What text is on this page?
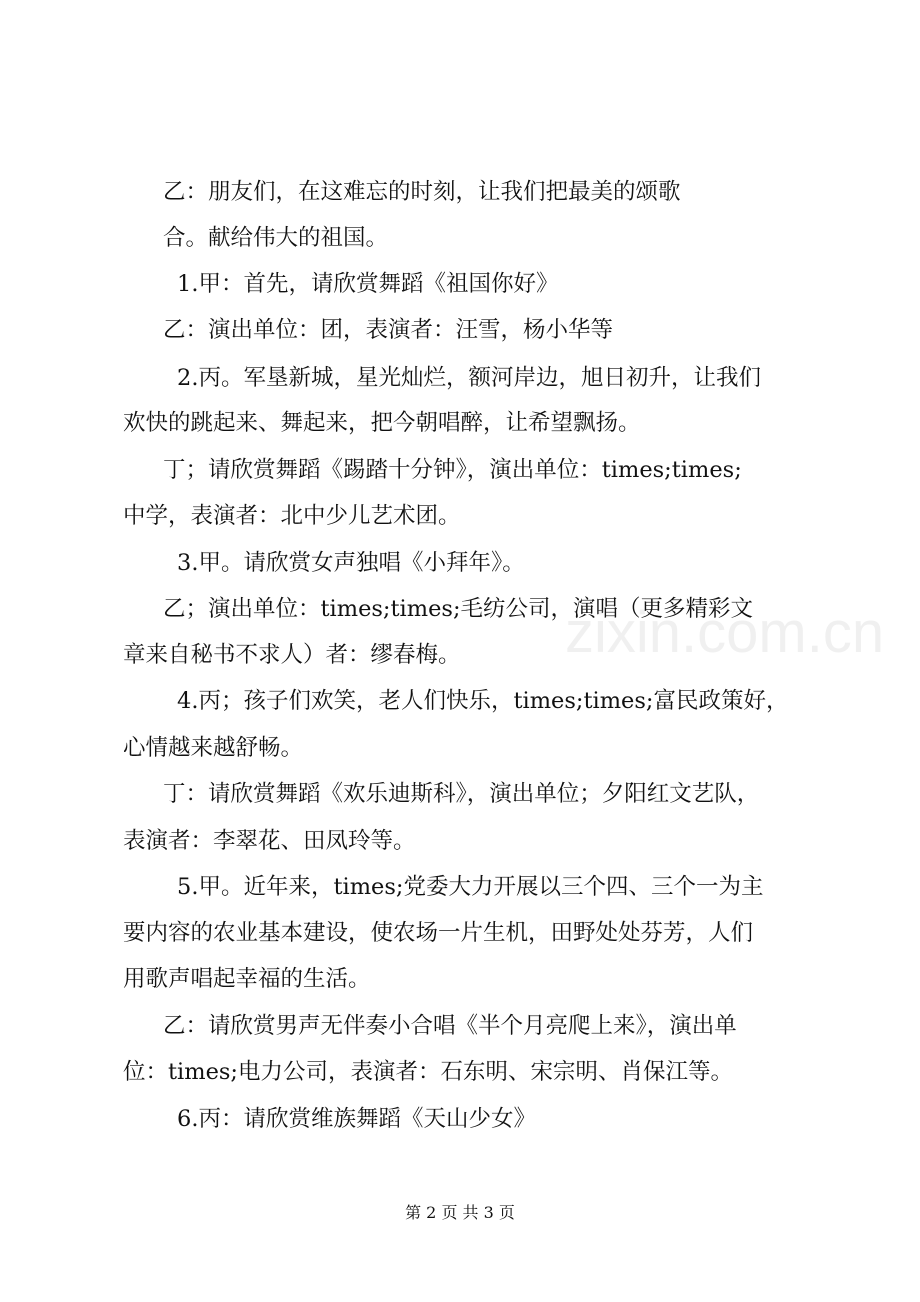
乙：朋友们，在这难忘的时刻，让我们把最美的颂歌
合。献给伟大的祖国。
1.甲：首先，请欣赏舞蹈《祖国你好》
乙：演出单位：团，表演者：汪雪，杨小华等
2.丙。军垦新城，星光灿烂，额河岸边，旭日初升，让我们
欢快的跳起来、舞起来，把今朝唱醉，让希望飘扬。
丁；请欣赏舞蹈《踢踏十分钟》，演出单位：times;times;
中学，表演者：北中少儿艺术团。
3.甲。请欣赏女声独唱《小拜年》。
乙；演出单位：times;times;毛纺公司，演唱（更多精彩文
章来自秘书不求人）者：缪春梅。
4.丙；孩子们欢笑，老人们快乐，times;times;富民政策好，
心情越来越舒畅。
丁：请欣赏舞蹈《欢乐迪斯科》，演出单位；夕阳红文艺队，
表演者：李翠花、田凤玲等。
5.甲。近年来，times;党委大力开展以三个四、三个一为主
要内容的农业基本建设，使农场一片生机，田野处处芬芳，人们
用歌声唱起幸福的生活。
乙：请欣赏男声无伴奏小合唱《半个月亮爬上来》，演出单
位：times;电力公司，表演者：石东明、宋宗明、肖保江等。
6.丙：请欣赏维族舞蹈《天山少女》
zixin.com.cn
第 2 页 共 3 页
